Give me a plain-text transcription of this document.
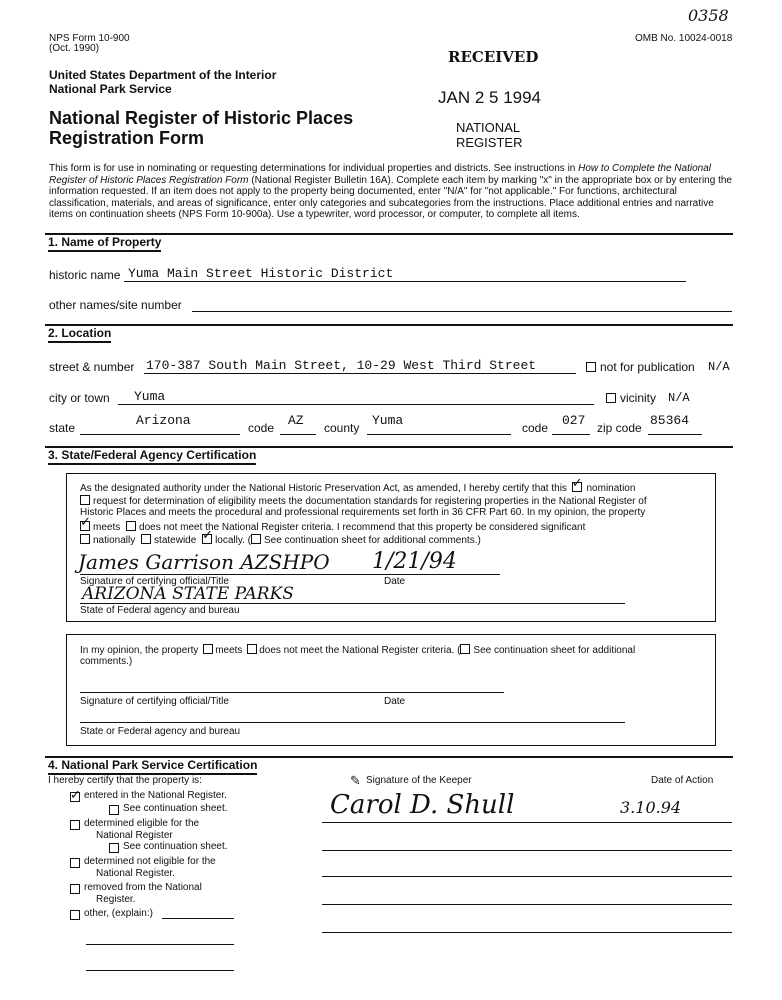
NPS Form 10-900
(Oct. 1990)
OMB No. 10024-0018
0358
United States Department of the Interior
National Park Service
National Register of Historic Places
Registration Form
RECEIVED
JAN 2 5 1994
NATIONAL
REGISTER
This form is for use in nominating or requesting determinations for individual properties and districts. See instructions in How to Complete the National Register of Historic Places Registration Form (National Register Bulletin 16A). Complete each item by marking "x" in the appropriate box or by entering the information requested. If an item does not apply to the property being documented, enter "N/A" for "not applicable." For functions, architectural classification, materials, and areas of significance, enter only categories and subcategories from the instructions. Place additional entries and narrative items on continuation sheets (NPS Form 10-900a). Use a typewriter, word processor, or computer, to complete all items.
1. Name of Property
historic name Yuma Main Street Historic District
other names/site number
2. Location
street & number 170-387 South Main Street, 10-29 West Third Street	not for publication N/A
city or town Yuma	vicinity N/A
state	Arizona	code AZ county Yuma	code 027 zip code 85364
3. State/Federal Agency Certification
As the designated authority under the National Historic Preservation Act, as amended, I hereby certify that this ✓ nomination
request for determination of eligibility meets the documentation standards for registering properties in the National Register of
Historic Places and meets the procedural and professional requirements set forth in 36 CFR Part 60. In my opinion, the property
✓meets does not meet the National Register criteria. I recommend that this property be considered significant
nationally statewide ✓ locally. ( See continuation sheet for additional comments.)
James Garrison AZSHPO 1/21/94
Signature of certifying official/Title	Date
ARIZONA STATE PARKS
State of Federal agency and bureau
In my opinion, the property meets does not meet the National Register criteria. ( See continuation sheet for additional
comments.)
Signature of certifying official/Title	Date
State or Federal agency and bureau
4. National Park Service Certification
I hereby certify that the property is:	✎ Signature of the Keeper	Date of Action
✓
entered in the National Register.
See continuation sheet.
determined eligible for the
National Register
See continuation sheet.
determined not eligible for the
National Register.
removed from the National
Register.
other, (explain:)
Carol D. Shull	3.10.94
